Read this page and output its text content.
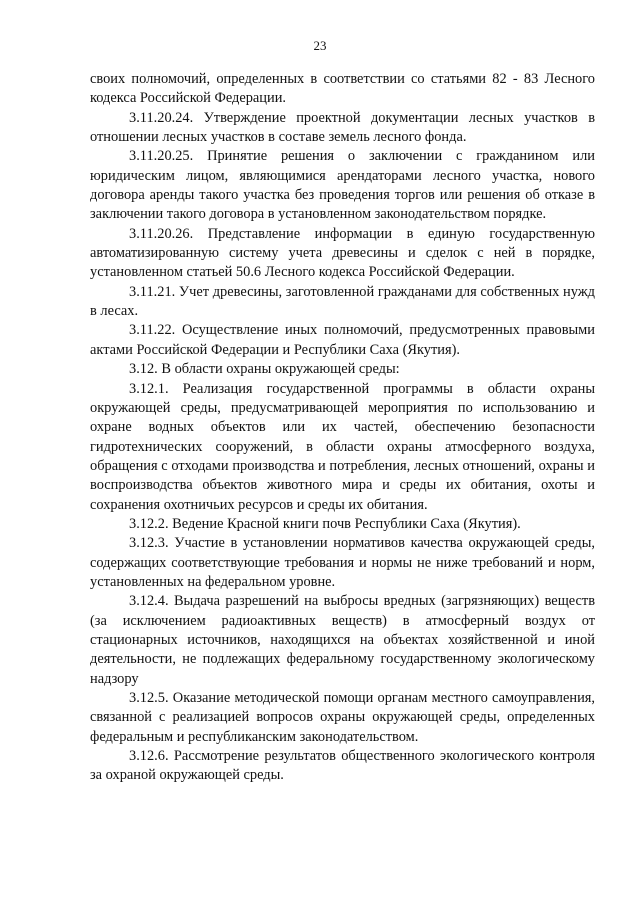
23

своих полномочий, определенных в соответствии со статьями 82 - 83 Лесного кодекса Российской Федерации.

3.11.20.24. Утверждение проектной документации лесных участков в отношении лесных участков в составе земель лесного фонда.

3.11.20.25. Принятие решения о заключении с гражданином или юридическим лицом, являющимися арендаторами лесного участка, нового договора аренды такого участка без проведения торгов или решения об отказе в заключении такого договора в установленном законодательством порядке.

3.11.20.26. Представление информации в единую государственную автоматизированную систему учета древесины и сделок с ней в порядке, установленном статьей 50.6 Лесного кодекса Российской Федерации.

3.11.21. Учет древесины, заготовленной гражданами для собственных нужд в лесах.

3.11.22. Осуществление иных полномочий, предусмотренных правовыми актами Российской Федерации и Республики Саха (Якутия).

3.12. В области охраны окружающей среды:

3.12.1. Реализация государственной программы в области охраны окружающей среды, предусматривающей мероприятия по использованию и охране водных объектов или их частей, обеспечению безопасности гидротехнических сооружений, в области охраны атмосферного воздуха, обращения с отходами производства и потребления, лесных отношений, охраны и воспроизводства объектов животного мира и среды их обитания, охоты и сохранения охотничьих ресурсов и среды их обитания.

3.12.2. Ведение Красной книги почв Республики Саха (Якутия).

3.12.3. Участие в установлении нормативов качества окружающей среды, содержащих соответствующие требования и нормы не ниже требований и норм, установленных на федеральном уровне.

3.12.4. Выдача разрешений на выбросы вредных (загрязняющих) веществ (за исключением радиоактивных веществ) в атмосферный воздух от стационарных источников, находящихся на объектах хозяйственной и иной деятельности, не подлежащих федеральному государственному экологическому надзору

3.12.5. Оказание методической помощи органам местного самоуправления, связанной с реализацией вопросов охраны окружающей среды, определенных федеральным и республиканским законодательством.

3.12.6. Рассмотрение результатов общественного экологического контроля за охраной окружающей среды.
